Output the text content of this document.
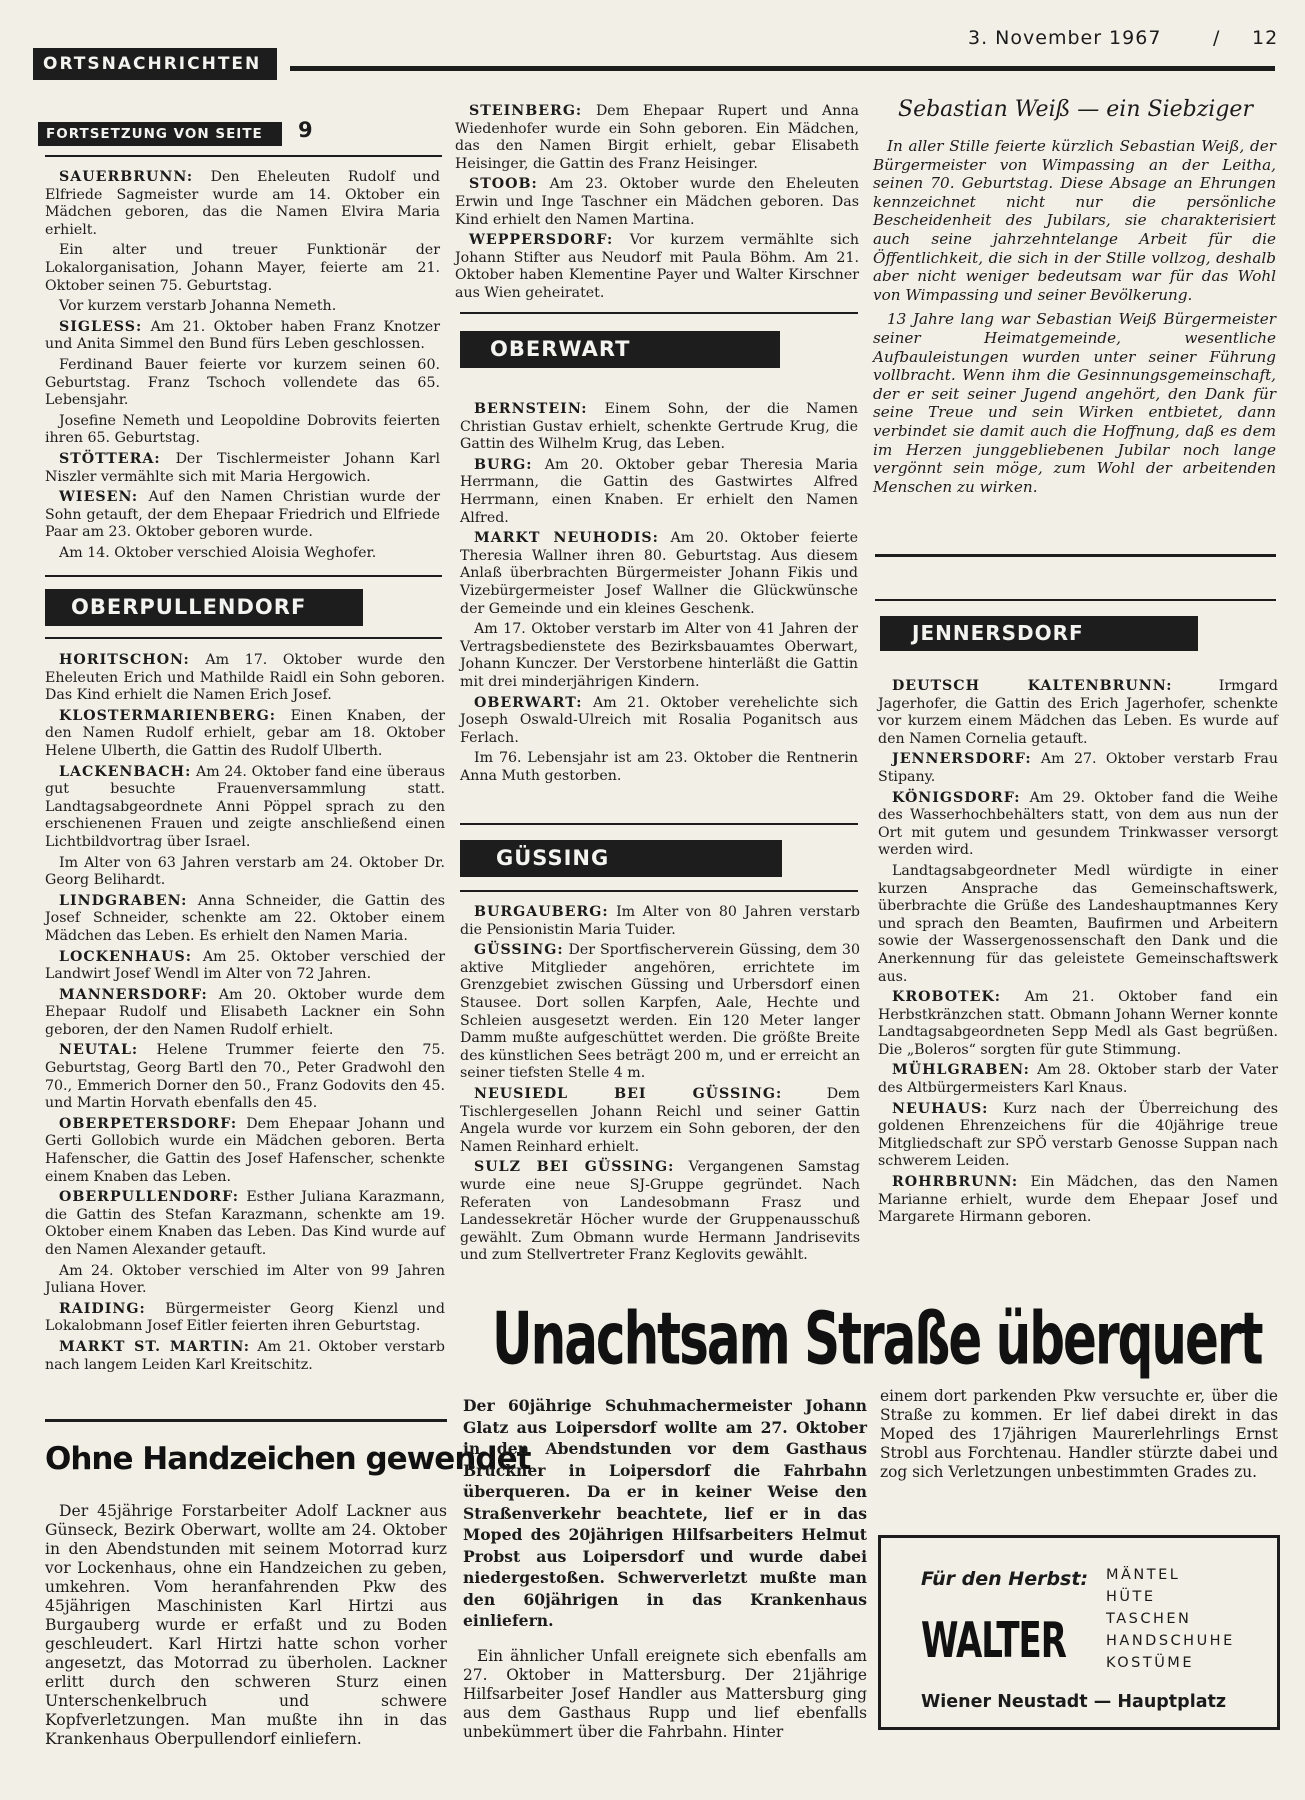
ORTSNACHRICHTEN
3. November 1967	/ 12
FORTSETZUNG VON SEITE	9

SAUERBRUNN: Den Eheleuten Rudolf und Elfriede Sagmeister wurde am 14. Oktober ein Mädchen geboren, das die Namen Elvira Maria erhielt.

Ein alter und treuer Funktionär der Lokalorganisation, Johann Mayer, feierte am 21. Oktober seinen 75. Geburtstag.

Vor kurzem verstarb Johanna Nemeth.

SIGLESS: Am 21. Oktober haben Franz Knotzer und Anita Simmel den Bund fürs Leben geschlossen.

Ferdinand Bauer feierte vor kurzem seinen 60. Geburtstag. Franz Tschoch vollendete das 65. Lebensjahr.

Josefine Nemeth und Leopoldine Dobrovits feierten ihren 65. Geburtstag.

STÖTTERA: Der Tischlermeister Johann Karl Niszler vermählte sich mit Maria Hergowich.

WIESEN: Auf den Namen Christian wurde der Sohn getauft, der dem Ehepaar Friedrich und Elfriede Paar am 23. Oktober geboren wurde.

Am 14. Oktober verschied Aloisia Weghofer.

OBERPULLENDORF

HORITSCHON: Am 17. Oktober wurde den Eheleuten Erich und Mathilde Raidl ein Sohn geboren. Das Kind erhielt die Namen Erich Josef.

KLOSTERMARIENBERG: Einen Knaben, der den Namen Rudolf erhielt, gebar am 18. Oktober Helene Ulberth, die Gattin des Rudolf Ulberth.

LACKENBACH: Am 24. Oktober fand eine überaus gut besuchte Frauenversammlung statt. Landtagsabgeordnete Anni Pöppel sprach zu den erschienenen Frauen und zeigte anschließend einen Lichtbildvortrag über Israel.

Im Alter von 63 Jahren verstarb am 24. Oktober Dr. Georg Belihardt.

LINDGRABEN: Anna Schneider, die Gattin des Josef Schneider, schenkte am 22. Oktober einem Mädchen das Leben. Es erhielt den Namen Maria.

LOCKENHAUS: Am 25. Oktober verschied der Landwirt Josef Wendl im Alter von 72 Jahren.

MANNERSDORF: Am 20. Oktober wurde dem Ehepaar Rudolf und Elisabeth Lackner ein Sohn geboren, der den Namen Rudolf erhielt.

NEUTAL: Helene Trummer feierte den 75. Geburtstag, Georg Bartl den 70., Peter Gradwohl den 70., Emmerich Dorner den 50., Franz Godovits den 45. und Martin Horvath ebenfalls den 45.

OBERPETERSDORF: Dem Ehepaar Johann und Gerti Gollobich wurde ein Mädchen geboren. Berta Hafenscher, die Gattin des Josef Hafenscher, schenkte einem Knaben das Leben.

OBERPULLENDORF: Esther Juliana Karazmann, die Gattin des Stefan Karazmann, schenkte am 19. Oktober einem Knaben das Leben. Das Kind wurde auf den Namen Alexander getauft.

Am 24. Oktober verschied im Alter von 99 Jahren Juliana Hover.

RAIDING: Bürgermeister Georg Kienzl und Lokalobmann Josef Eitler feierten ihren Geburtstag.

MARKT ST. MARTIN: Am 21. Oktober verstarb nach langem Leiden Karl Kreitschitz.

Ohne Handzeichen gewendet

Der 45jährige Forstarbeiter Adolf Lackner aus Günseck, Bezirk Oberwart, wollte am 24. Oktober in den Abendstunden mit seinem Motorrad kurz vor Lockenhaus, ohne ein Handzeichen zu geben, umkehren. Vom heranfahrenden Pkw des 45jährigen Maschinisten Karl Hirtzi aus Burgauberg wurde er erfaßt und zu Boden geschleudert. Karl Hirtzi hatte schon vorher angesetzt, das Motorrad zu überholen. Lackner erlitt durch den schweren Sturz einen Unterschenkelbruch und schwere Kopfverletzungen. Man mußte ihn in das Krankenhaus Oberpullendorf einliefern.

STEINBERG: Dem Ehepaar Rupert und Anna Wiedenhofer wurde ein Sohn geboren. Ein Mädchen, das den Namen Birgit erhielt, gebar Elisabeth Heisinger, die Gattin des Franz Heisinger.

STOOB: Am 23. Oktober wurde den Eheleuten Erwin und Inge Taschner ein Mädchen geboren. Das Kind erhielt den Namen Martina.

WEPPERSDORF: Vor kurzem vermählte sich Johann Stifter aus Neudorf mit Paula Böhm. Am 21. Oktober haben Klementine Payer und Walter Kirschner aus Wien geheiratet.

OBERWART

BERNSTEIN: Einem Sohn, der die Namen Christian Gustav erhielt, schenkte Gertrude Krug, die Gattin des Wilhelm Krug, das Leben.

BURG: Am 20. Oktober gebar Theresia Maria Herrmann, die Gattin des Gastwirtes Alfred Herrmann, einen Knaben. Er erhielt den Namen Alfred.

MARKT NEUHODIS: Am 20. Oktober feierte Theresia Wallner ihren 80. Geburtstag. Aus diesem Anlaß überbrachten Bürgermeister Johann Fikis und Vizebürgermeister Josef Wallner die Glückwünsche der Gemeinde und ein kleines Geschenk.

Am 17. Oktober verstarb im Alter von 41 Jahren der Vertragsbedienstete des Bezirksbauamtes Oberwart, Johann Kunczer. Der Verstorbene hinterläßt die Gattin mit drei minderjährigen Kindern.

OBERWART: Am 21. Oktober verehelichte sich Joseph Oswald-Ulreich mit Rosalia Poganitsch aus Ferlach.

Im 76. Lebensjahr ist am 23. Oktober die Rentnerin Anna Muth gestorben.

GÜSSING

BURGAUBERG: Im Alter von 80 Jahren verstarb die Pensionistin Maria Tuider.

GÜSSING: Der Sportfischerverein Güssing, dem 30 aktive Mitglieder angehören, errichtete im Grenzgebiet zwischen Güssing und Urbersdorf einen Stausee. Dort sollen Karpfen, Aale, Hechte und Schleien ausgesetzt werden. Ein 120 Meter langer Damm mußte aufgeschüttet werden. Die größte Breite des künstlichen Sees beträgt 200 m, und er erreicht an seiner tiefsten Stelle 4 m.

NEUSIEDL BEI GÜSSING:	Dem Tischlergesellen Johann Reichl und seiner Gattin Angela wurde vor kurzem ein Sohn geboren, der den Namen Reinhard erhielt.

SULZ BEI GÜSSING: Vergangenen Samstag wurde eine neue SJ-Gruppe gegründet. Nach Referaten von Landesobmann Frasz und Landessekretär Höcher wurde der Gruppenausschuß gewählt. Zum Obmann wurde Hermann Jandrisevits und zum Stellvertreter Franz Keglovits gewählt.

Sebastian Weiß — ein Siebziger

In aller Stille feierte kürzlich Sebastian Weiß, der Bürgermeister von Wimpassing an der Leitha, seinen 70. Geburtstag. Diese Absage an Ehrungen kennzeichnet nicht nur die persönliche Bescheidenheit des Jubilars, sie charakterisiert auch seine jahrzehntelange Arbeit für die Öffentlichkeit, die sich in der Stille vollzog, deshalb aber nicht weniger bedeutsam war für das Wohl von Wimpassing und seiner Bevölkerung.

13 Jahre lang war Sebastian Weiß Bürgermeister seiner Heimatgemeinde, wesentliche Aufbauleistungen wurden unter seiner Führung vollbracht. Wenn ihm die Gesinnungsgemeinschaft, der er seit seiner Jugend angehört, den Dank für seine Treue und sein Wirken entbietet, dann verbindet sie damit auch die Hoffnung, daß es dem im Herzen junggebliebenen Jubilar noch lange vergönnt sein möge, zum Wohl der arbeitenden Menschen zu wirken.

JENNERSDORF

DEUTSCH KALTENBRUNN:	Irmgard Jagerhofer, die Gattin des Erich Jagerhofer, schenkte vor kurzem einem Mädchen das Leben. Es wurde auf den Namen Cornelia getauft.

JENNERSDORF: Am 27. Oktober verstarb Frau Stipany.

KÖNIGSDORF: Am 29. Oktober fand die Weihe des Wasserhochbehälters statt, von dem aus nun der Ort mit gutem und gesundem Trinkwasser versorgt werden wird.

Landtagsabgeordneter Medl würdigte in einer kurzen Ansprache das Gemeinschaftswerk, überbrachte die Grüße des Landeshauptmannes Kery und sprach den Beamten, Baufirmen und Arbeitern sowie der Wassergenossenschaft den Dank und die Anerkennung für das geleistete Gemeinschaftswerk aus.

KROBOTEK: Am 21. Oktober fand ein Herbstkränzchen statt. Obmann Johann Werner konnte Landtagsabgeordneten Sepp Medl als Gast begrüßen. Die „Boleros“ sorgten für gute Stimmung.

MÜHLGRABEN: Am 28. Oktober starb der Vater des Altbürgermeisters Karl Knaus.

NEUHAUS: Kurz nach der Überreichung des goldenen Ehrenzeichens für die 40jährige treue Mitgliedschaft zur SPÖ verstarb Genosse Suppan nach schwerem Leiden.

ROHRBRUNN: Ein Mädchen, das den Namen Marianne erhielt, wurde dem Ehepaar Josef und Margarete Hirmann geboren.

Unachtsam Straße überquert
Der 60jährige Schuhmachermeister Johann Glatz aus Loipersdorf wollte am 27. Oktober in den Abendstunden vor dem Gasthaus Bruckner in Loipersdorf die Fahrbahn überqueren. Da er in keiner Weise den Straßenverkehr beachtete, lief er in das Moped des 20jährigen Hilfsarbeiters Helmut Probst aus Loipersdorf und wurde dabei niedergestoßen. Schwerverletzt mußte man den 60jährigen in das Krankenhaus einliefern.

Ein ähnlicher Unfall ereignete sich ebenfalls am 27. Oktober in Mattersburg. Der 21jährige Hilfsarbeiter Josef Handler aus Mattersburg ging aus dem Gasthaus Rupp und lief ebenfalls unbekümmert über die Fahrbahn. Hinter

einem dort parkenden Pkw versuchte er, über die Straße zu kommen. Er lief dabei direkt in das Moped des 17jährigen Maurerlehrlings Ernst Strobl aus Forchtenau. Handler stürzte dabei und zog sich Verletzungen unbestimmten Grades zu.

Für den Herbst: MÄNTEL
HÜTE
TASCHEN
HANDSCHUHE
KOSTÜME
WALTER
Wiener Neustadt — Hauptplatz
